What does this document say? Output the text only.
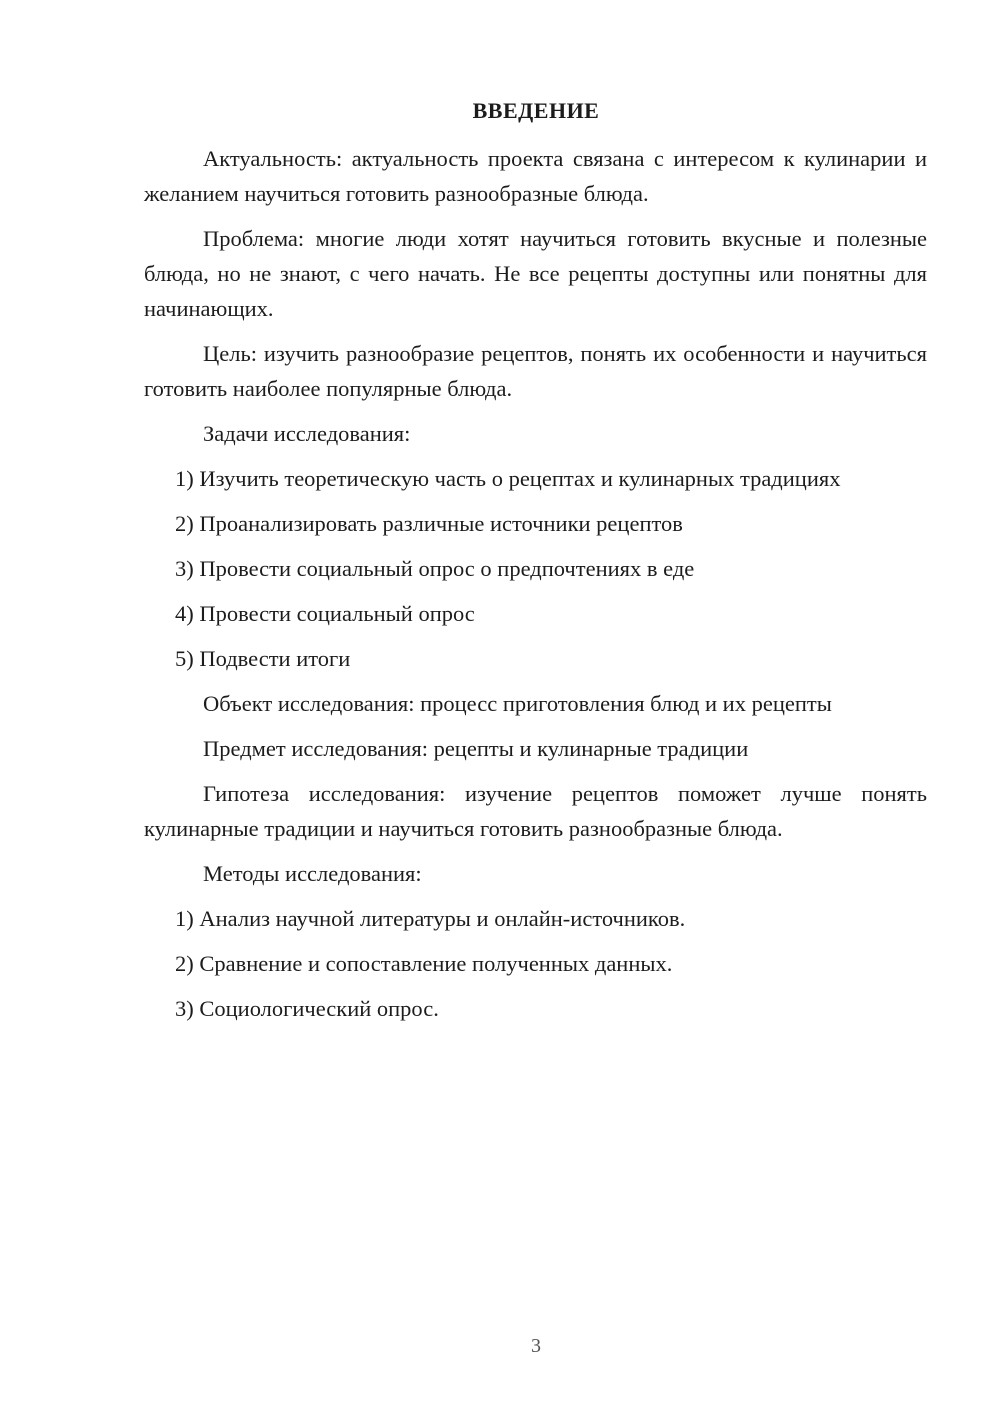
ВВЕДЕНИЕ

Актуальность: актуальность проекта связана с интересом к кулинарии и желанием научиться готовить разнообразные блюда.

Проблема: многие люди хотят научиться готовить вкусные и полезные блюда, но не знают, с чего начать. Не все рецепты доступны или понятны для начинающих.

Цель: изучить разнообразие рецептов, понять их особенности и научиться готовить наиболее популярные блюда.

Задачи исследования:

1) Изучить теоретическую часть о рецептах и кулинарных традициях
2) Проанализировать различные источники рецептов
3) Провести социальный опрос о предпочтениях в еде
4) Провести социальный опрос
5) Подвести итоги

Объект исследования: процесс приготовления блюд и их рецепты

Предмет исследования: рецепты и кулинарные традиции

Гипотеза исследования: изучение рецептов поможет лучше понять кулинарные традиции и научиться готовить разнообразные блюда.

Методы исследования:

1) Анализ научной литературы и онлайн-источников.
2) Сравнение и сопоставление полученных данных.
3) Социологический опрос.
3
